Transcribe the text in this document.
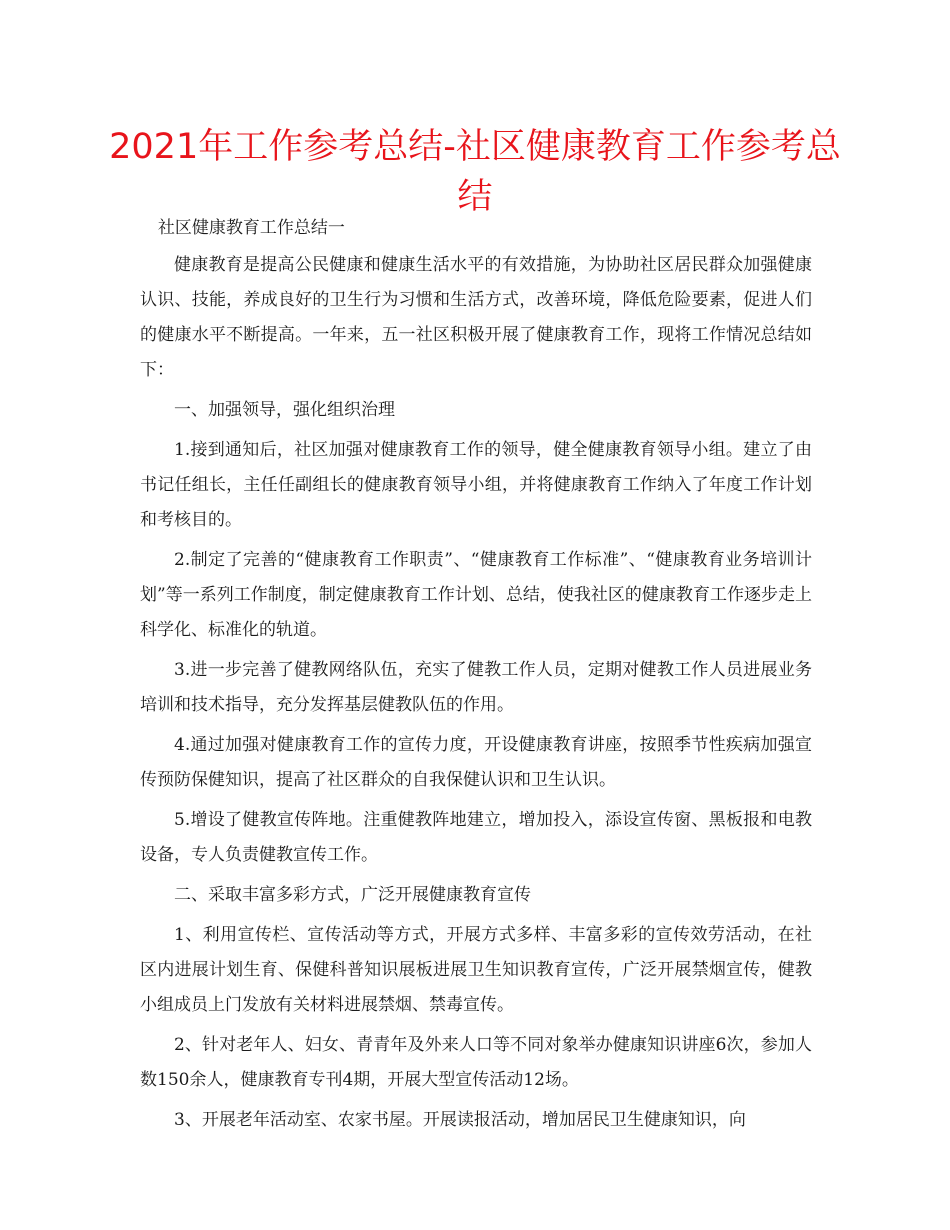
2021年工作参考总结-社区健康教育工作参考总结

社区健康教育工作总结一

健康教育是提高公民健康和健康生活水平的有效措施，为协助社区居民群众加强健康认识、技能，养成良好的卫生行为习惯和生活方式，改善环境，降低危险要素，促进人们的健康水平不断提高。一年来，五一社区积极开展了健康教育工作，现将工作情况总结如下：

一、加强领导，强化组织治理

1.接到通知后，社区加强对健康教育工作的领导，健全健康教育领导小组。建立了由书记任组长，主任任副组长的健康教育领导小组，并将健康教育工作纳入了年度工作计划和考核目的。

2.制定了完善的“健康教育工作职责”、“健康教育工作标准”、“健康教育业务培训计划”等一系列工作制度，制定健康教育工作计划、总结，使我社区的健康教育工作逐步走上科学化、标准化的轨道。

3.进一步完善了健教网络队伍，充实了健教工作人员，定期对健教工作人员进展业务培训和技术指导，充分发挥基层健教队伍的作用。

4.通过加强对健康教育工作的宣传力度，开设健康教育讲座，按照季节性疾病加强宣传预防保健知识，提高了社区群众的自我保健认识和卫生认识。

5.增设了健教宣传阵地。注重健教阵地建立，增加投入，添设宣传窗、黑板报和电教设备，专人负责健教宣传工作。

二、采取丰富多彩方式，广泛开展健康教育宣传

1、利用宣传栏、宣传活动等方式，开展方式多样、丰富多彩的宣传效劳活动，在社区内进展计划生育、保健科普知识展板进展卫生知识教育宣传，广泛开展禁烟宣传，健教小组成员上门发放有关材料进展禁烟、禁毒宣传。

2、针对老年人、妇女、青青年及外来人口等不同对象举办健康知识讲座6次，参加人数150余人，健康教育专刊4期，开展大型宣传活动12场。

3、开展老年活动室、农家书屋。开展读报活动，增加居民卫生健康知识，向
